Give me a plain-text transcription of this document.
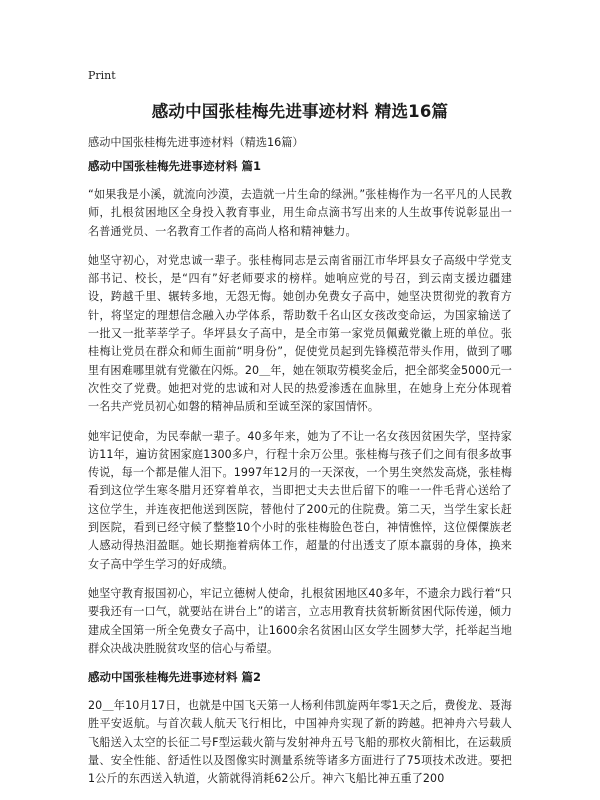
Print
感动中国张桂梅先进事迹材料 精选16篇
感动中国张桂梅先进事迹材料（精选16篇）
感动中国张桂梅先进事迹材料 篇1

“如果我是小溪，就流向沙漠，去造就一片生命的绿洲。”张桂梅作为一名平凡的人民教师，扎根贫困地区全身投入教育事业，用生命点滴书写出来的人生故事传说彰显出一名普通党员、一名教育工作者的高尚人格和精神魅力。

她坚守初心，对党忠诚一辈子。张桂梅同志是云南省丽江市华坪县女子高级中学党支部书记、校长，是“四有”好老师要求的榜样。她响应党的号召，到云南支援边疆建设，跨越千里、辗转多地，无怨无悔。她创办免费女子高中，她坚决贯彻党的教育方针，将坚定的理想信念融入办学体系，帮助数千名山区女孩改变命运，为国家输送了一批又一批莘莘学子。华坪县女子高中，是全市第一家党员佩戴党徽上班的单位。张桂梅让党员在群众和师生面前“明身份”，促使党员起到先锋模范带头作用，做到了哪里有困难哪里就有党徽在闪烁。20＿年，她在领取劳模奖金后，把全部奖金5000元一次性交了党费。她把对党的忠诚和对人民的热爱渗透在血脉里，在她身上充分体现着一名共产党员初心如磐的精神品质和至诚至深的家国情怀。

她牢记使命，为民奉献一辈子。40多年来，她为了不让一名女孩因贫困失学，坚持家访11年，遍访贫困家庭1300多户，行程十余万公里。张桂梅与孩子们之间有很多故事传说，每一个都是催人泪下。1997年12月的一天深夜，一个男生突然发高烧，张桂梅看到这位学生寒冬腊月还穿着单衣，当即把丈夫去世后留下的唯一一件毛背心送给了这位学生，并连夜把他送到医院，替他付了200元的住院费。第二天，当学生家长赶到医院，看到已经守候了整整10个小时的张桂梅脸色苍白，神情憔悴，这位傈僳族老人感动得热泪盈眶。她长期拖着病体工作，超量的付出透支了原本羸弱的身体，换来女子高中学生学习的好成绩。

她坚守教育报国初心，牢记立德树人使命，扎根贫困地区40多年，不遗余力践行着“只要我还有一口气，就要站在讲台上”的诺言，立志用教育扶贫斩断贫困代际传递，倾力建成全国第一所全免费女子高中，让1600余名贫困山区女学生圆梦大学，托举起当地群众决战决胜脱贫攻坚的信心与希望。

感动中国张桂梅先进事迹材料 篇2

20＿年10月17日，也就是中国飞天第一人杨利伟凯旋两年零1天之后，费俊龙、聂海胜平安返航。与首次载人航天飞行相比，中国神舟实现了新的跨越。把神舟六号载人飞船送入太空的长征二号F型运载火箭与发射神舟五号飞船的那枚火箭相比，在运载质量、安全性能、舒适性以及图像实时测量系统等诸多方面进行了75项技术改进。要把1公斤的东西送入轨道，火箭就得消耗62公斤。神六飞船比神五重了200
